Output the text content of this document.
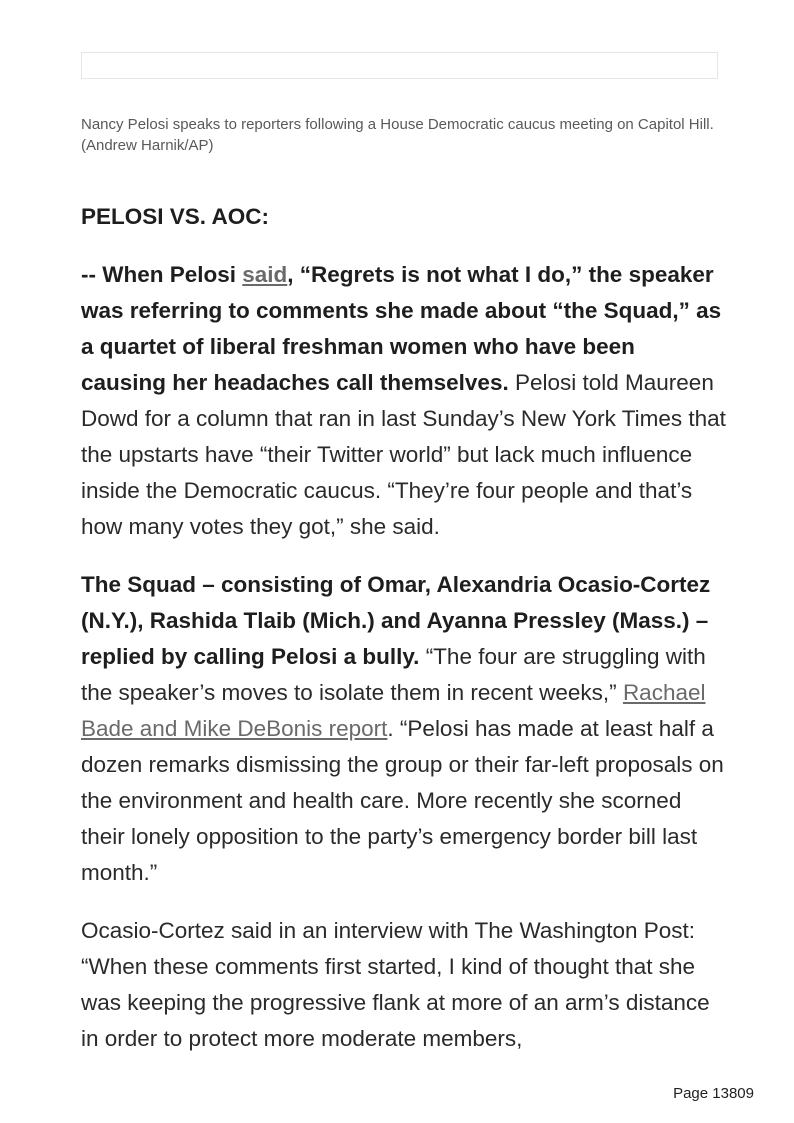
Nancy Pelosi speaks to reporters following a House Democratic caucus meeting on Capitol Hill. (Andrew Harnik/AP)

PELOSI VS. AOC:

-- When Pelosi said, “Regrets is not what I do,” the speaker was referring to comments she made about “the Squad,” as a quartet of liberal freshman women who have been causing her headaches call themselves. Pelosi told Maureen Dowd for a column that ran in last Sunday’s New York Times that the upstarts have “their Twitter world” but lack much influence inside the Democratic caucus. “They’re four people and that’s how many votes they got,” she said.

The Squad – consisting of Omar, Alexandria Ocasio-Cortez (N.Y.), Rashida Tlaib (Mich.) and Ayanna Pressley (Mass.) – replied by calling Pelosi a bully. “The four are struggling with the speaker’s moves to isolate them in recent weeks,” Rachael Bade and Mike DeBonis report. “Pelosi has made at least half a dozen remarks dismissing the group or their far-left proposals on the environment and health care. More recently she scorned their lonely opposition to the party’s emergency border bill last month.”

Ocasio-Cortez said in an interview with The Washington Post: “When these comments first started, I kind of thought that she was keeping the progressive flank at more of an arm’s distance in order to protect more moderate members,

Page 13809
